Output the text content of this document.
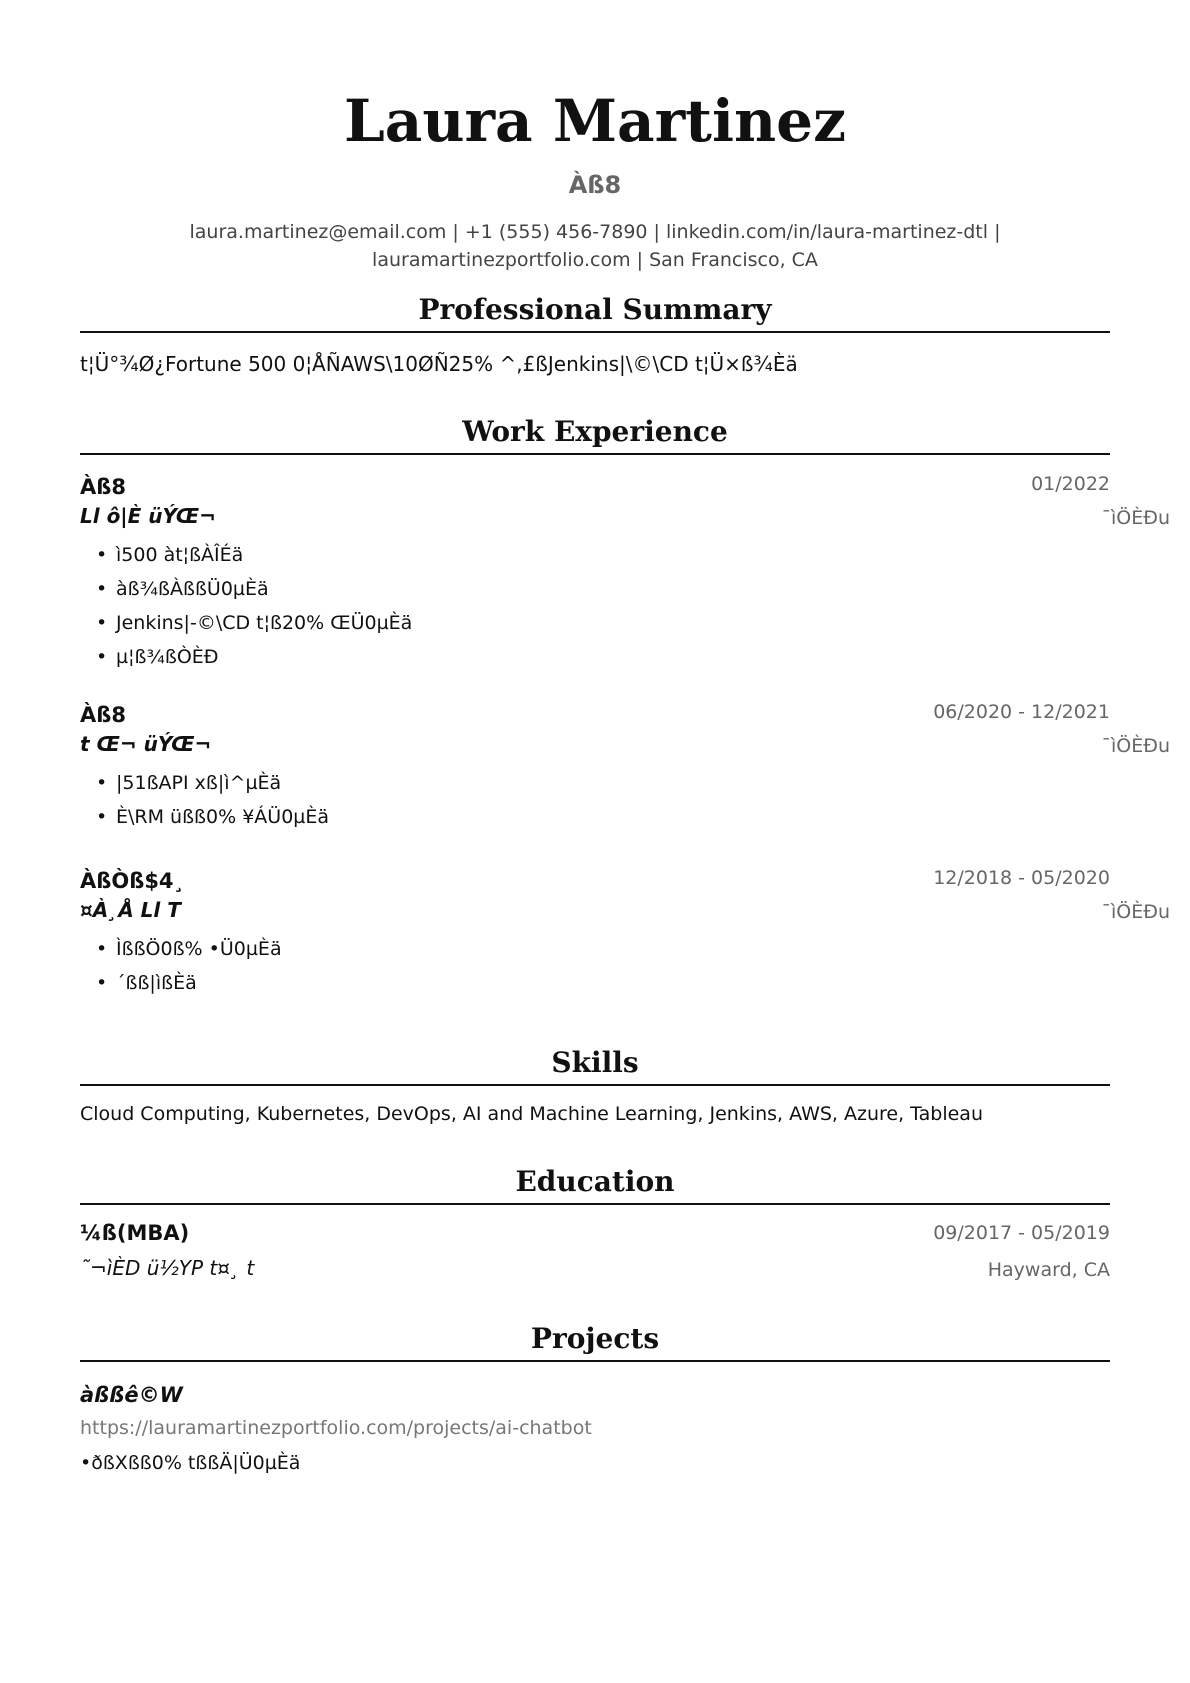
Laura Martinez
Àß8
laura.martinez@email.com | +1 (555) 456-7890 | linkedin.com/in/laura-martinez-dtl |
lauramartinezportfolio.com | San Francisco, CA
Professional Summary
t¦Ü°¾Ø¿Fortune 500 0¦ÅÑAWS\10ØÑ25% ^,£ßJenkins|\©\CD t¦Ü×ß¾Èä
Work Experience
Àß8	01/2022
Ll ô|È üÝŒ¬	¯ìÖÈÐu
• ì500 àt¦ßÀÎÉä
• àß¾ßÀßßÜ0µÈä
• Jenkins|-©\CD t¦ß20% ŒÜ0µÈä
• µ¦ß¾ßÒÈÐ
Àß8	06/2020 - 12/2021
t Œ¬ üÝŒ¬	¯ìÖÈÐu
• |51ßAPI xß|ì^µÈä
• È\RM üßß0% ¥ÁÜ0µÈä
ÀßÒß$4¸	12/2018 - 05/2020
¤À¸Å Ll T	¯ìÖÈÐu
• ÌßßÖ0ß% •Ü0µÈä
• ´ßß|ìßÈä
Skills
Cloud Computing, Kubernetes, DevOps, AI and Machine Learning, Jenkins, AWS, Azure, Tableau
Education
¼ß(MBA)	09/2017 - 05/2019
˜¬ìÈD ü½YP t¤¸ t	Hayward, CA
Projects
àßßê©W
https://lauramartinezportfolio.com/projects/ai-chatbot
•ðßXßß0% tßßÄ|Ü0µÈä
